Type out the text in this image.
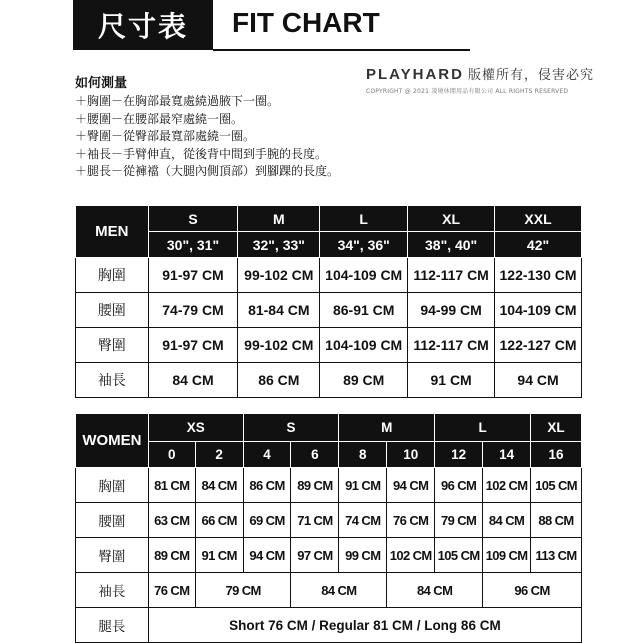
尺寸表	FIT CHART
如何測量
＋胸圍－在胸部最寬處繞過腋下一圈。
＋腰圍－在腰部最窄處繞一圈。
＋臀圍－從臀部最寬部處繞一圈。
＋袖長－手臂伸直，從後背中間到手腕的長度。
＋腿長－從褲襠（大腿內側頂部）到腳踝的長度。
PLAYHARD 版權所有，侵害必究
COPYRIGHT @ 2021 凌境休閒用品有限公司 ALL RIGHTS RESERVED
MEN	S	M	L	XL	XXL
	30", 31"	32", 33"	34", 36"	38", 40"	42"
胸圍	91-97 CM	99-102 CM	104-109 CM	112-117 CM	122-130 CM
腰圍	74-79 CM	81-84 CM	86-91 CM	94-99 CM	104-109 CM
臀圍	91-97 CM	99-102 CM	104-109 CM	112-117 CM	122-127 CM
袖長	84 CM	86 CM	89 CM	91 CM	94 CM
WOMEN	XS		S		M		L		XL
	0	2	4	6	8	10	12	14	16
胸圍	81 CM	84 CM	86 CM	89 CM	91 CM	94 CM	96 CM	102 CM	105 CM
腰圍	63 CM	66 CM	69 CM	71 CM	74 CM	76 CM	79 CM	84 CM	88 CM
臀圍	89 CM	91 CM	94 CM	97 CM	99 CM	102 CM	105 CM	109 CM	113 CM
袖長	76 CM	79 CM		84 CM		84 CM		96 CM	
腿長	Short 76 CM / Regular 81 CM / Long 86 CM								
